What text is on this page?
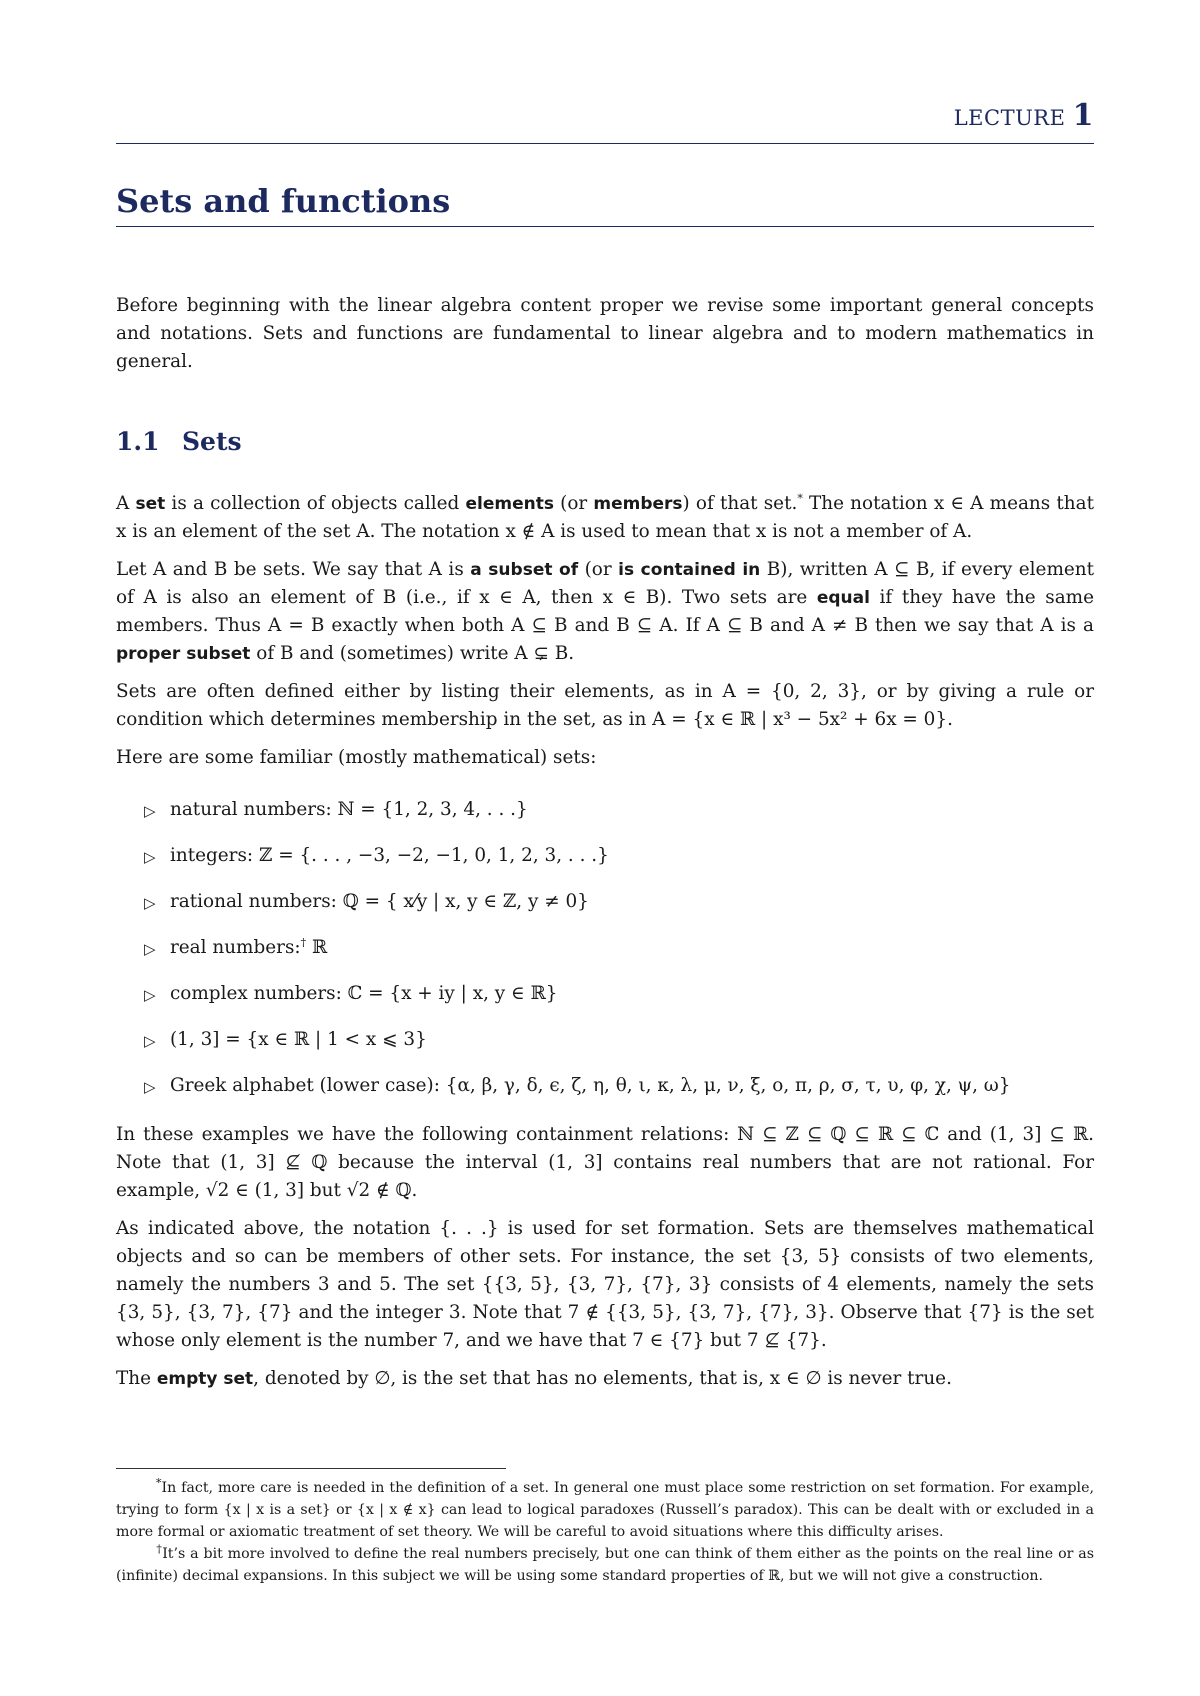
LECTURE 1
Sets and functions

Before beginning with the linear algebra content proper we revise some important general concepts and notations. Sets and functions are fundamental to linear algebra and to modern mathematics in general.

1.1 Sets

A set is a collection of objects called elements (or members) of that set.* The notation x ∈ A means that x is an element of the set A. The notation x ∉ A is used to mean that x is not a member of A.

Let A and B be sets. We say that A is a subset of (or is contained in B), written A ⊆ B, if every element of A is also an element of B (i.e., if x ∈ A, then x ∈ B). Two sets are equal if they have the same members. Thus A = B exactly when both A ⊆ B and B ⊆ A. If A ⊆ B and A ≠ B then we say that A is a proper subset of B and (sometimes) write A ⊊ B.

Sets are often defined either by listing their elements, as in A = {0, 2, 3}, or by giving a rule or condition which determines membership in the set, as in A = {x ∈ ℝ | x³ − 5x² + 6x = 0}.

Here are some familiar (mostly mathematical) sets:

▷ natural numbers: ℕ = {1, 2, 3, 4, . . .}
▷ integers: ℤ = {. . . , −3, −2, −1, 0, 1, 2, 3, . . .}
▷ rational numbers: ℚ = { x⁄y | x, y ∈ ℤ, y ≠ 0}
▷ real numbers:† ℝ
▷ complex numbers: ℂ = {x + iy | x, y ∈ ℝ}
▷ (1, 3] = {x ∈ ℝ | 1 < x ⩽ 3}
▷ Greek alphabet (lower case): {α, β, γ, δ, ϵ, ζ, η, θ, ι, κ, λ, μ, ν, ξ, ο, π, ρ, σ, τ, υ, φ, χ, ψ, ω}

In these examples we have the following containment relations: ℕ ⊆ ℤ ⊆ ℚ ⊆ ℝ ⊆ ℂ and (1, 3] ⊆ ℝ. Note that (1, 3] ⊈ ℚ because the interval (1, 3] contains real numbers that are not rational. For example, √2 ∈ (1, 3] but √2 ∉ ℚ.

As indicated above, the notation {. . .} is used for set formation. Sets are themselves mathematical objects and so can be members of other sets. For instance, the set {3, 5} consists of two elements, namely the numbers 3 and 5. The set {{3, 5}, {3, 7}, {7}, 3} consists of 4 elements, namely the sets {3, 5}, {3, 7}, {7} and the integer 3. Note that 7 ∉ {{3, 5}, {3, 7}, {7}, 3}. Observe that {7} is the set whose only element is the number 7, and we have that 7 ∈ {7} but 7 ⊈ {7}.

The empty set, denoted by ∅, is the set that has no elements, that is, x ∈ ∅ is never true.

*In fact, more care is needed in the definition of a set. In general one must place some restriction on set formation. For example, trying to form {x | x is a set} or {x | x ∉ x} can lead to logical paradoxes (Russell’s paradox). This can be dealt with or excluded in a more formal or axiomatic treatment of set theory. We will be careful to avoid situations where this difficulty arises.

†It’s a bit more involved to define the real numbers precisely, but one can think of them either as the points on the real line or as (infinite) decimal expansions. In this subject we will be using some standard properties of ℝ, but we will not give a construction.
